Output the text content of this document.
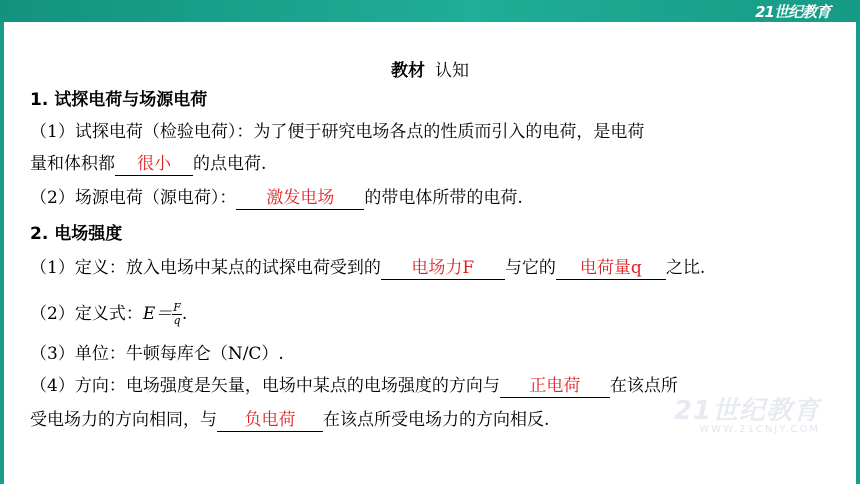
21世纪教育
教材 认知
1. 试探电荷与场源电荷
（1）试探电荷（检验电荷）：为了便于研究电场各点的性质而引入的电荷，是电荷
量和体积都 很小 的点电荷.
（2）场源电荷（源电荷）： 激发电场 的带电体所带的电荷.
2. 电场强度
（1）定义：放入电场中某点的试探电荷受到的 电场力F 与它的 电荷量q 之比.
（2）定义式：$E= \frac{F}{q}$ .
（3）单位：牛顿每库仑（N/C）.
（4）方向：电场强度是矢量，电场中某点的电场强度的方向与 正电荷 在该点所
受电场力的方向相同，与 负电荷 在该点所受电场力的方向相反.	21世纪教育
WWW.21CNJY.COM
